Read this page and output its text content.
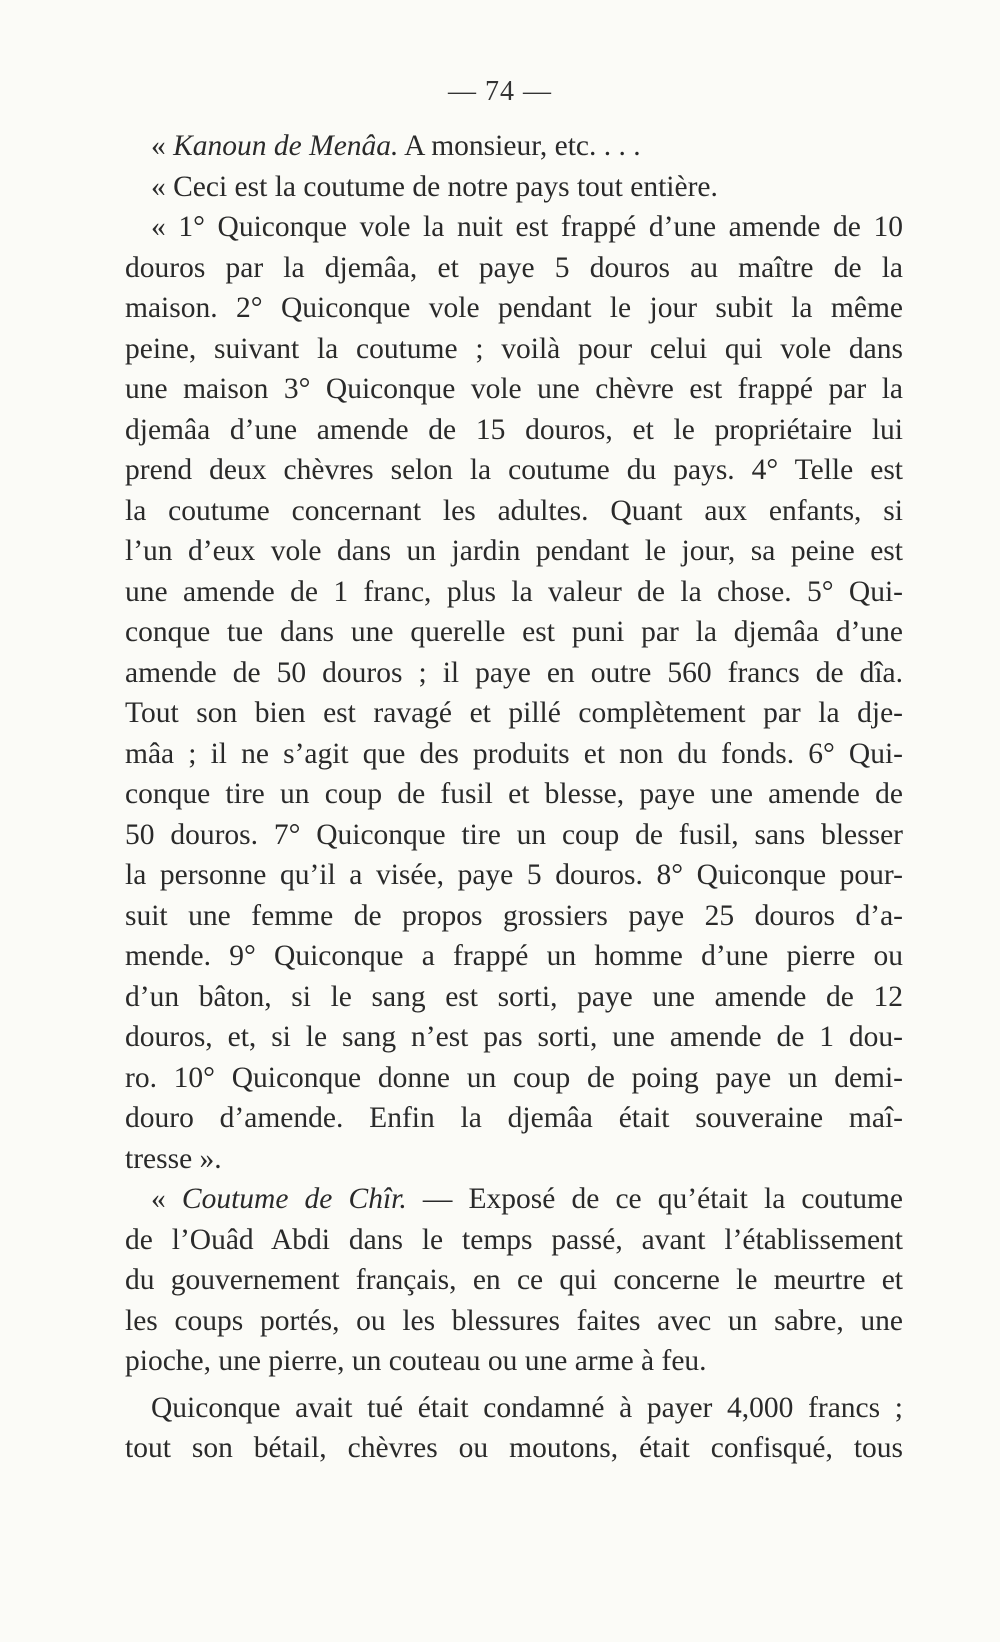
— 74 —
« Kanoun de Menâa. A monsieur, etc. . . .
« Ceci est la coutume de notre pays tout entière.
« 1° Quiconque vole la nuit est frappé d’une amende de 10
douros par la djemâa, et paye 5 douros au maître de la
maison. 2° Quiconque vole pendant le jour subit la même
peine, suivant la coutume ; voilà pour celui qui vole dans
une maison 3° Quiconque vole une chèvre est frappé par la
djemâa d’une amende de 15 douros, et le propriétaire lui
prend deux chèvres selon la coutume du pays. 4° Telle est
la coutume concernant les adultes. Quant aux enfants, si
l’un d’eux vole dans un jardin pendant le jour, sa peine est
une amende de 1 franc, plus la valeur de la chose. 5° Qui-
conque tue dans une querelle est puni par la djemâa d’une
amende de 50 douros ; il paye en outre 560 francs de dîa.
Tout son bien est ravagé et pillé complètement par la dje-
mâa ; il ne s’agit que des produits et non du fonds. 6° Qui-
conque tire un coup de fusil et blesse, paye une amende de
50 douros. 7° Quiconque tire un coup de fusil, sans blesser
la personne qu’il a visée, paye 5 douros. 8° Quiconque pour-
suit une femme de propos grossiers paye 25 douros d’a-
mende. 9° Quiconque a frappé un homme d’une pierre ou
d’un bâton, si le sang est sorti, paye une amende de 12
douros, et, si le sang n’est pas sorti, une amende de 1 dou-
ro. 10° Quiconque donne un coup de poing paye un demi-
douro d’amende. Enfin la djemâa était souveraine maî-
tresse ».
« Coutume de Chîr. — Exposé de ce qu’était la coutume
de l’Ouâd Abdi dans le temps passé, avant l’établissement
du gouvernement français, en ce qui concerne le meurtre et
les coups portés, ou les blessures faites avec un sabre, une
pioche, une pierre, un couteau ou une arme à feu.
Quiconque avait tué était condamné à payer 4,000 francs ;
tout son bétail, chèvres ou moutons, était confisqué, tous
